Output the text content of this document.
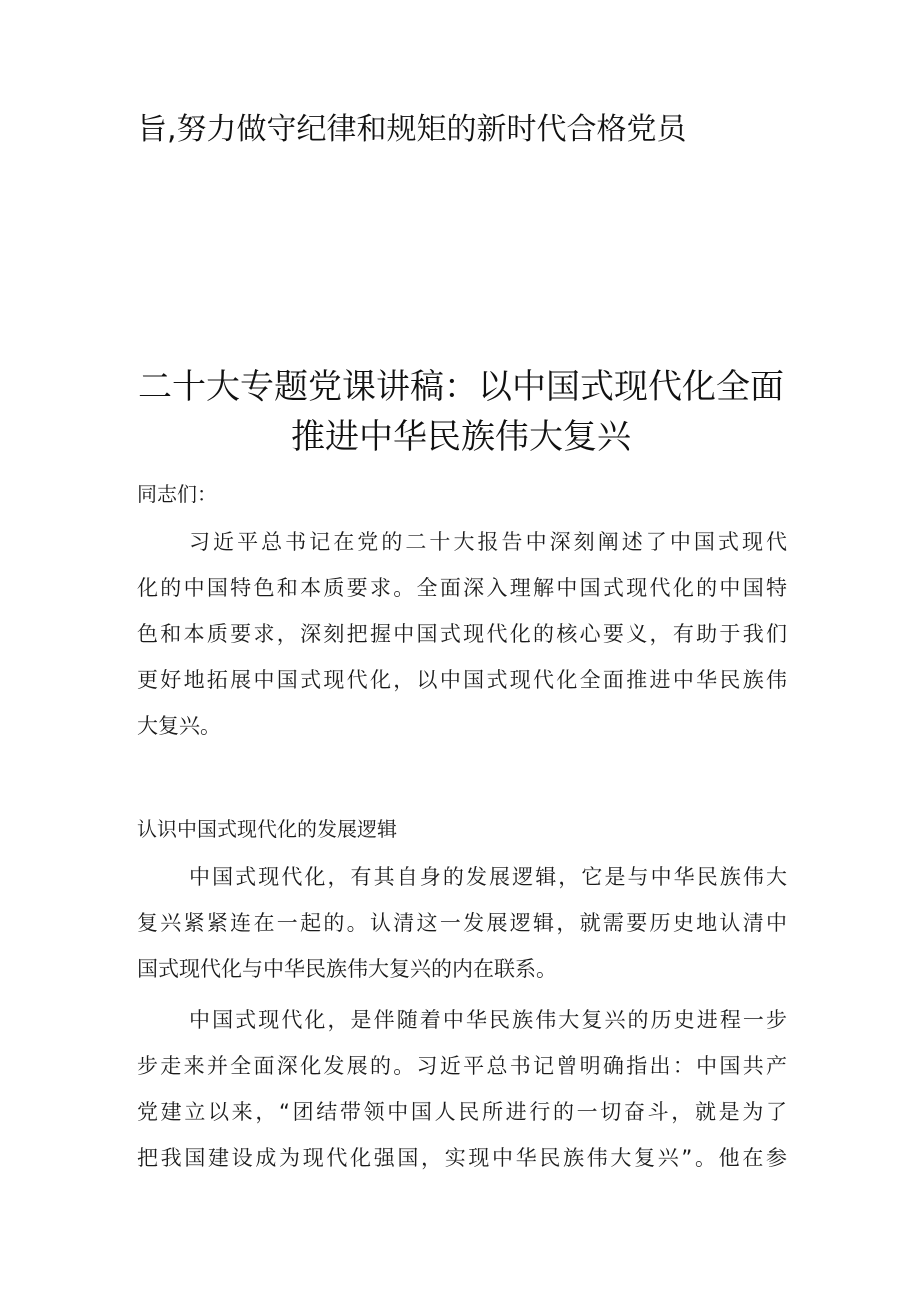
旨,努力做守纪律和规矩的新时代合格党员
二十大专题党课讲稿：以中国式现代化全面
推进中华民族伟大复兴
同志们：
习近平总书记在党的二十大报告中深刻阐述了中国式现代
化的中国特色和本质要求。全面深入理解中国式现代化的中国特
色和本质要求，深刻把握中国式现代化的核心要义，有助于我们
更好地拓展中国式现代化，以中国式现代化全面推进中华民族伟
大复兴。
认识中国式现代化的发展逻辑
中国式现代化，有其自身的发展逻辑，它是与中华民族伟大
复兴紧紧连在一起的。认清这一发展逻辑，就需要历史地认清中
国式现代化与中华民族伟大复兴的内在联系。
中国式现代化，是伴随着中华民族伟大复兴的历史进程一步
步走来并全面深化发展的。习近平总书记曾明确指出：中国共产
党建立以来，“团结带领中国人民所进行的一切奋斗，就是为了
把我国建设成为现代化强国，实现中华民族伟大复兴”。他在参
